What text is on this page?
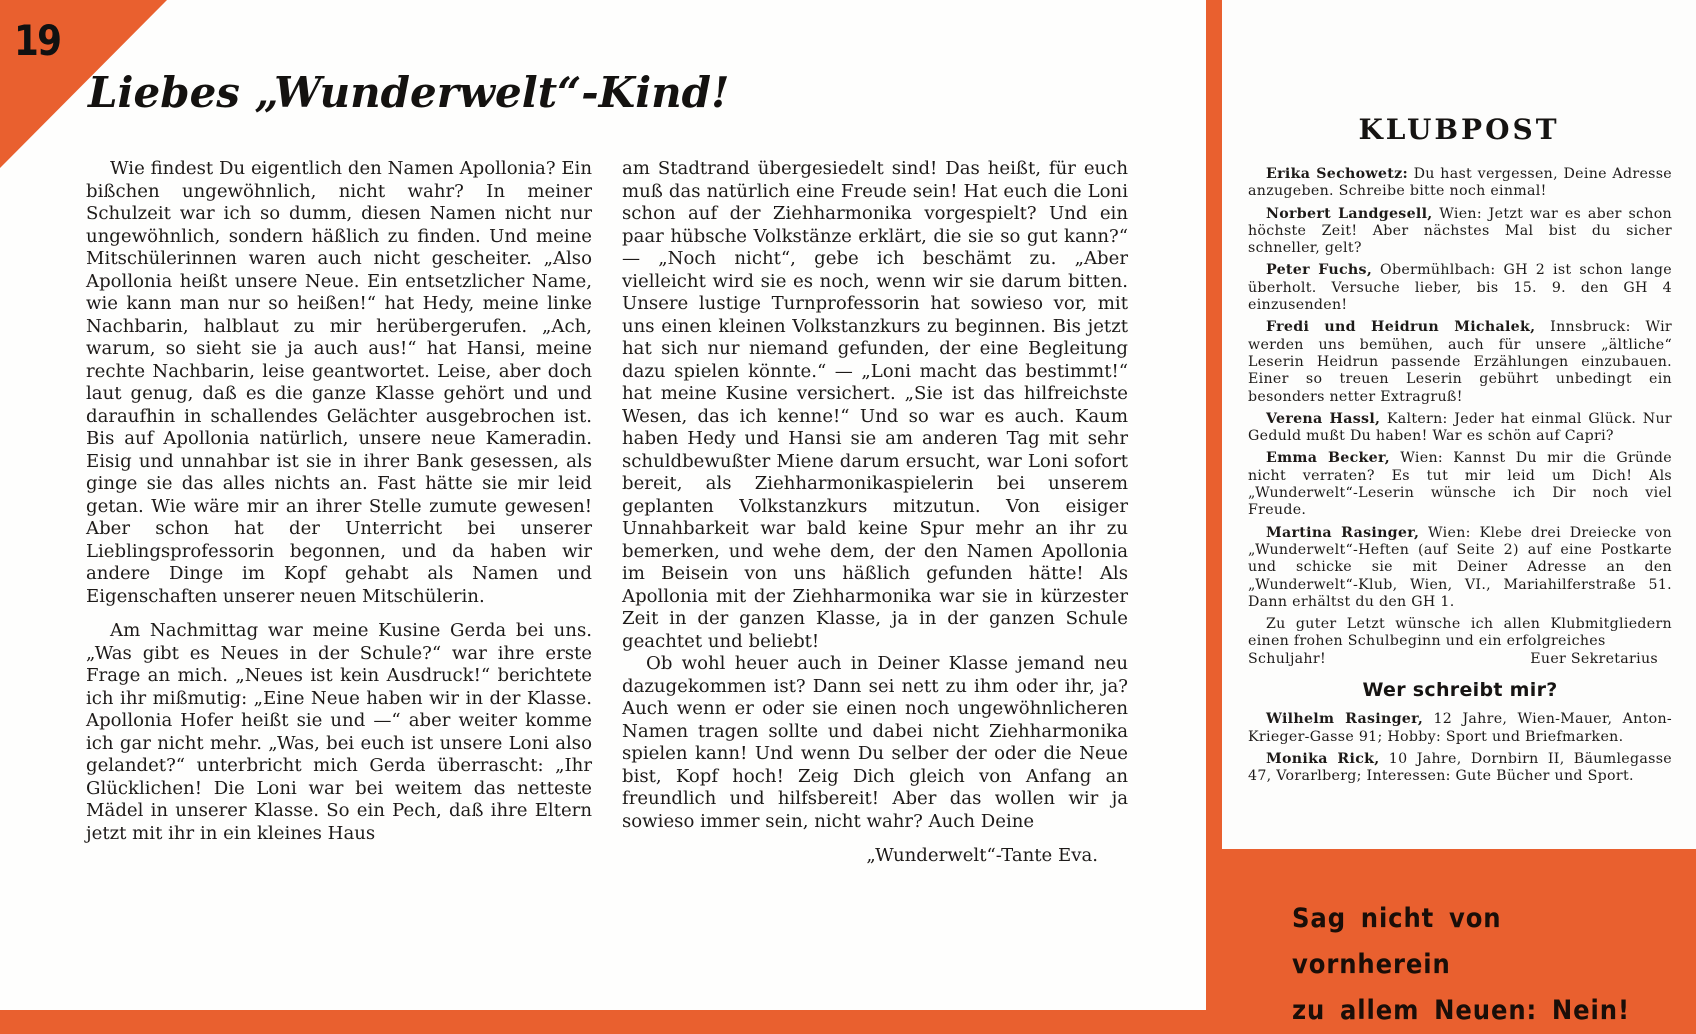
19
Liebes „Wunderwelt“-Kind!

Wie findest Du eigentlich den Namen Apollonia? Ein bißchen ungewöhnlich, nicht wahr? In meiner Schulzeit war ich so dumm, diesen Namen nicht nur ungewöhnlich, sondern häßlich zu finden. Und meine Mitschülerinnen waren auch nicht gescheiter. „Also Apollonia heißt unsere Neue. Ein entsetzlicher Name, wie kann man nur so heißen!“ hat Hedy, meine linke Nachbarin, halblaut zu mir herübergerufen. „Ach, warum, so sieht sie ja auch aus!“ hat Hansi, meine rechte Nachbarin, leise geantwortet. Leise, aber doch laut genug, daß es die ganze Klasse gehört und und daraufhin in schallendes Gelächter ausgebrochen ist. Bis auf Apollonia natürlich, unsere neue Kameradin. Eisig und unnahbar ist sie in ihrer Bank gesessen, als ginge sie das alles nichts an. Fast hätte sie mir leid getan. Wie wäre mir an ihrer Stelle zumute gewesen! Aber schon hat der Unterricht bei unserer Lieblingsprofessorin begonnen, und da haben wir andere Dinge im Kopf gehabt als Namen und Eigenschaften unserer neuen Mitschülerin.

Am Nachmittag war meine Kusine Gerda bei uns. „Was gibt es Neues in der Schule?“ war ihre erste Frage an mich. „Neues ist kein Ausdruck!“ berichtete ich ihr mißmutig: „Eine Neue haben wir in der Klasse. Apollonia Hofer heißt sie und —“ aber weiter komme ich gar nicht mehr. „Was, bei euch ist unsere Loni also gelandet?“ unterbricht mich Gerda überrascht: „Ihr Glücklichen! Die Loni war bei weitem das netteste Mädel in unserer Klasse. So ein Pech, daß ihre Eltern jetzt mit ihr in ein kleines Haus

am Stadtrand übergesiedelt sind! Das heißt, für euch muß das natürlich eine Freude sein! Hat euch die Loni schon auf der Ziehharmonika vorgespielt? Und ein paar hübsche Volkstänze erklärt, die sie so gut kann?“ — „Noch nicht“, gebe ich beschämt zu. „Aber vielleicht wird sie es noch, wenn wir sie darum bitten. Unsere lustige Turnprofessorin hat sowieso vor, mit uns einen kleinen Volkstanzkurs zu beginnen. Bis jetzt hat sich nur niemand gefunden, der eine Begleitung dazu spielen könnte.“ — „Loni macht das bestimmt!“ hat meine Kusine versichert. „Sie ist das hilfreichste Wesen, das ich kenne!“ Und so war es auch. Kaum haben Hedy und Hansi sie am anderen Tag mit sehr schuldbewußter Miene darum ersucht, war Loni sofort bereit, als Ziehharmonikaspielerin bei unserem geplanten Volkstanzkurs mitzutun. Von eisiger Unnahbarkeit war bald keine Spur mehr an ihr zu bemerken, und wehe dem, der den Namen Apollonia im Beisein von uns häßlich gefunden hätte! Als Apollonia mit der Ziehharmonika war sie in kürzester Zeit in der ganzen Klasse, ja in der ganzen Schule geachtet und beliebt!

Ob wohl heuer auch in Deiner Klasse jemand neu dazugekommen ist? Dann sei nett zu ihm oder ihr, ja? Auch wenn er oder sie einen noch ungewöhnlicheren Namen tragen sollte und dabei nicht Ziehharmonika spielen kann! Und wenn Du selber der oder die Neue bist, Kopf hoch! Zeig Dich gleich von Anfang an freundlich und hilfsbereit! Aber das wollen wir ja sowieso immer sein, nicht wahr? Auch Deine

„Wunderwelt“-Tante Eva.
KLUBPOST

Erika Sechowetz: Du hast vergessen, Deine Adresse anzugeben. Schreibe bitte noch einmal!

Norbert Landgesell, Wien: Jetzt war es aber schon höchste Zeit! Aber nächstes Mal bist du sicher schneller, gelt?

Peter Fuchs, Obermühlbach: GH 2 ist schon lange überholt. Versuche lieber, bis 15. 9. den GH 4 einzusenden!

Fredi und Heidrun Michalek, Innsbruck: Wir werden uns bemühen, auch für unsere „ältliche“ Leserin Heidrun passende Erzählungen einzubauen. Einer so treuen Leserin gebührt unbedingt ein besonders netter Extragruß!

Verena Hassl, Kaltern: Jeder hat einmal Glück. Nur Geduld mußt Du haben! War es schön auf Capri?

Emma Becker, Wien: Kannst Du mir die Gründe nicht verraten? Es tut mir leid um Dich! Als „Wunderwelt“-Leserin wünsche ich Dir noch viel Freude.

Martina Rasinger, Wien: Klebe drei Dreiecke von „Wunderwelt“-Heften (auf Seite 2) auf eine Postkarte und schicke sie mit Deiner Adresse an den „Wunderwelt“-Klub, Wien, VI., Mariahilferstraße 51. Dann erhältst du den GH 1.

Zu guter Letzt wünsche ich allen Klubmitgliedern einen frohen Schulbeginn und ein erfolgreiches

Schuljahr!	Euer Sekretarius
Wer schreibt mir?

Wilhelm Rasinger, 12 Jahre, Wien-Mauer, Anton-Krieger-Gasse 91; Hobby: Sport und Briefmarken.

Monika Rick, 10 Jahre, Dornbirn II, Bäumlegasse 47, Vorarlberg; Interessen: Gute Bücher und Sport.

Sag nicht von vornherein
zu allem Neuen: Nein!
